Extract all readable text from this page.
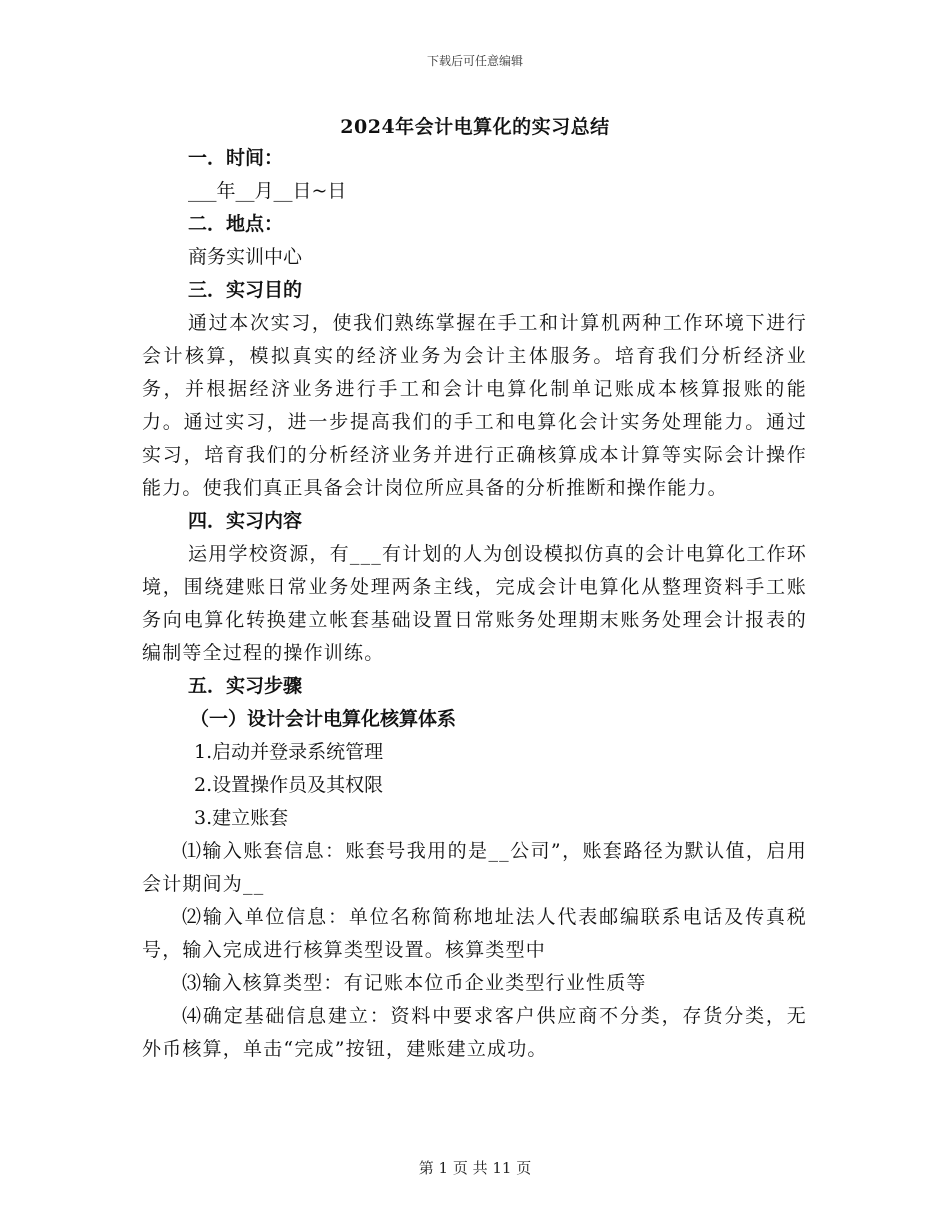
下载后可任意编辑
2024年会计电算化的实习总结
一．时间：
___年__月__日~日
二．地点：
商务实训中心
三．实习目的
通过本次实习，使我们熟练掌握在手工和计算机两种工作环境下进行会计核算，模拟真实的经济业务为会计主体服务。培育我们分析经济业务，并根据经济业务进行手工和会计电算化制单记账成本核算报账的能力。通过实习，进一步提高我们的手工和电算化会计实务处理能力。通过实习，培育我们的分析经济业务并进行正确核算成本计算等实际会计操作能力。使我们真正具备会计岗位所应具备的分析推断和操作能力。
四．实习内容
运用学校资源，有___有计划的人为创设模拟仿真的会计电算化工作环境，围绕建账日常业务处理两条主线，完成会计电算化从整理资料手工账务向电算化转换建立帐套基础设置日常账务处理期末账务处理会计报表的编制等全过程的操作训练。
五．实习步骤
（一）设计会计电算化核算体系
1.启动并登录系统管理
2.设置操作员及其权限
3.建立账套
⑴输入账套信息：账套号我用的是__公司”，账套路径为默认值，启用会计期间为__
⑵输入单位信息：单位名称简称地址法人代表邮编联系电话及传真税号，输入完成进行核算类型设置。核算类型中
⑶输入核算类型：有记账本位币企业类型行业性质等
⑷确定基础信息建立：资料中要求客户供应商不分类，存货分类，无外币核算，单击“完成”按钮，建账建立成功。
第 1 页 共 11 页
